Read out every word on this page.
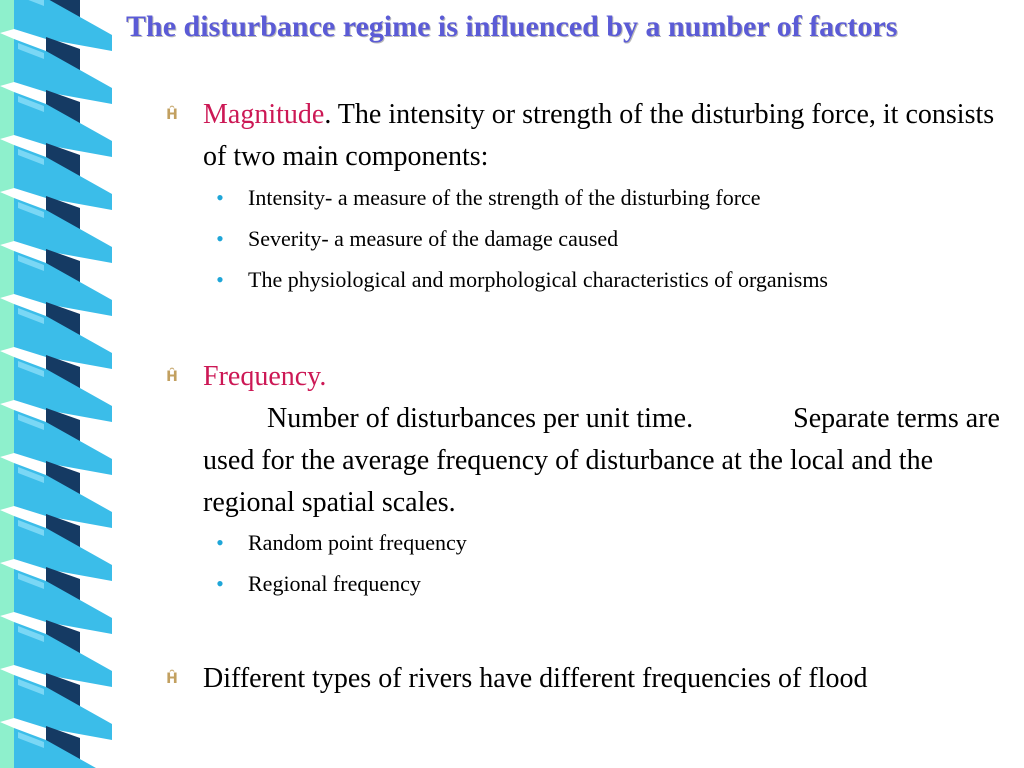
The disturbance regime is influenced by a number of factors
Ĥ
Magnitude. The intensity or strength of the disturbing force, it consists of two main components:
• Intensity- a measure of the strength of the disturbing force
• Severity- a measure of the damage caused
• The physiological and morphological characteristics of organisms
Ĥ
Frequency.
Number of disturbances per unit time.	Separate terms are used for the average frequency of disturbance at the local and the regional spatial scales.
• Random point frequency
• Regional frequency
Ĥ
Different types of rivers have different frequencies of flood
